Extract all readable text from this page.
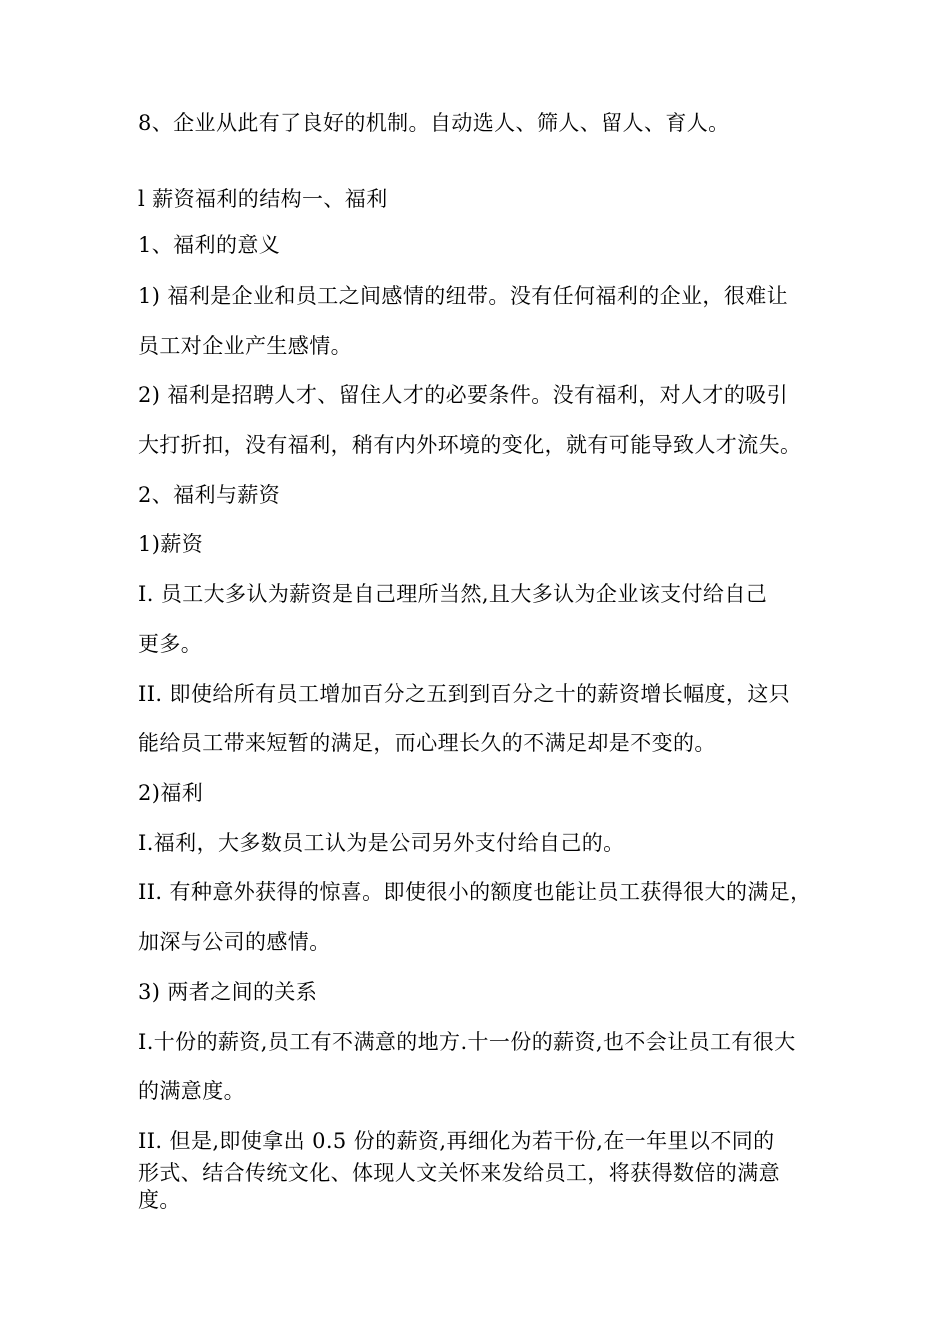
8、企业从此有了良好的机制。自动选人、筛人、留人、育人。
l 薪资福利的结构一、福利
1、福利的意义
1) 福利是企业和员工之间感情的纽带。没有任何福利的企业，很难让
员工对企业产生感情。
2) 福利是招聘人才、留住人才的必要条件。没有福利，对人才的吸引
大打折扣，没有福利，稍有内外环境的变化，就有可能导致人才流失。
2、福利与薪资
1)薪资
I. 员工大多认为薪资是自己理所当然,且大多认为企业该支付给自己
更多。
II. 即使给所有员工增加百分之五到到百分之十的薪资增长幅度，这只
能给员工带来短暂的满足，而心理长久的不满足却是不变的。
2)福利
I.福利，大多数员工认为是公司另外支付给自己的。
II. 有种意外获得的惊喜。即使很小的额度也能让员工获得很大的满足，
加深与公司的感情。
3) 两者之间的关系
I.十份的薪资,员工有不满意的地方.十一份的薪资,也不会让员工有很大
的满意度。
II. 但是,即使拿出 0.5 份的薪资,再细化为若干份,在一年里以不同的
形式、结合传统文化、体现人文关怀来发给员工，将获得数倍的满意
度。
